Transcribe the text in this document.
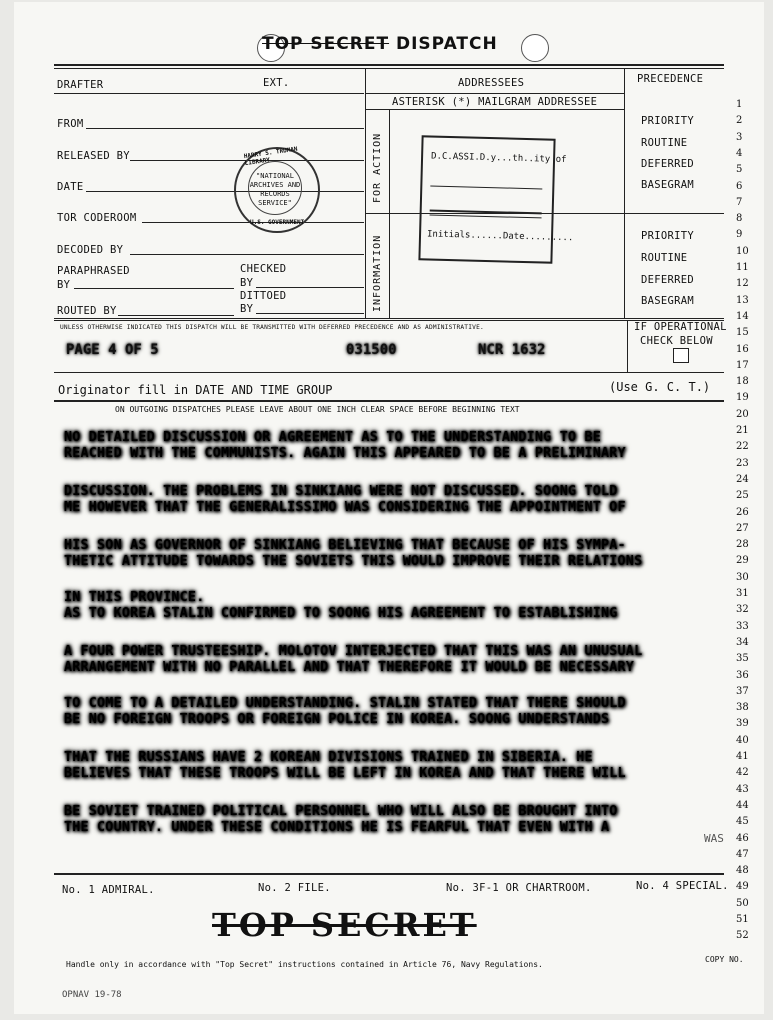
TOP SECRET DISPATCH
DRAFTER	EXT.	ADDRESSEES	PRECEDENCE
ASTERISK (*) MAILGRAM ADDRESSEE
FROM
RELEASED BY
DATE
TOR CODEROOM
DECODED BY
PARAPHRASED
BY
CHECKED
BY
DITTOED
BY
ROUTED BY
FOR ACTION
INFORMATION
HARRY S. TRUMAN LIBRARY
"NATIONAL
ARCHIVES AND
RECORDS
SERVICE"
U.S. GOVERNMENT
D.C.ASSI.D.y...th..ity of
Initials......Date.........
PRIORITY
ROUTINE
DEFERRED
BASEGRAM
PRIORITY
ROUTINE
DEFERRED
BASEGRAM
UNLESS OTHERWISE INDICATED THIS DISPATCH WILL BE TRANSMITTED WITH DEFERRED PRECEDENCE AND AS ADMINISTRATIVE.	IF OPERATIONAL
CHECK BELOW
PAGE 4 OF 5	031500	NCR 1632
Originator fill in DATE AND TIME GROUP	(Use G. C. T.)
ON OUTGOING DISPATCHES PLEASE LEAVE ABOUT ONE INCH CLEAR SPACE BEFORE BEGINNING TEXT
1
2
3
4
5
6
7
8
9
10
11
12
13
14
15
16
17
18
19
20
21
22
23
24
25
26
27
28
29
30
31
32
33
34
35
36
37
38
39
40
41
42
43
44
45
46
47
48
49
50
51
52
NO DETAILED DISCUSSION OR AGREEMENT AS TO THE UNDERSTANDING TO BE
REACHED WITH THE COMMUNISTS. AGAIN THIS APPEARED TO BE A PRELIMINARY
DISCUSSION. THE PROBLEMS IN SINKIANG WERE NOT DISCUSSED. SOONG TOLD
ME HOWEVER THAT THE GENERALISSIMO WAS CONSIDERING THE APPOINTMENT OF
HIS SON AS GOVERNOR OF SINKIANG BELIEVING THAT BECAUSE OF HIS SYMPA-
THETIC ATTITUDE TOWARDS THE SOVIETS THIS WOULD IMPROVE THEIR RELATIONS
IN THIS PROVINCE.
AS TO KOREA STALIN CONFIRMED TO SOONG HIS AGREEMENT TO ESTABLISHING
A FOUR POWER TRUSTEESHIP. MOLOTOV INTERJECTED THAT THIS WAS AN UNUSUAL
ARRANGEMENT WITH NO PARALLEL AND THAT THEREFORE IT WOULD BE NECESSARY
TO COME TO A DETAILED UNDERSTANDING. STALIN STATED THAT THERE SHOULD
BE NO FOREIGN TROOPS OR FOREIGN POLICE IN KOREA. SOONG UNDERSTANDS
THAT THE RUSSIANS HAVE 2 KOREAN DIVISIONS TRAINED IN SIBERIA. HE
BELIEVES THAT THESE TROOPS WILL BE LEFT IN KOREA AND THAT THERE WILL
BE SOVIET TRAINED POLITICAL PERSONNEL WHO WILL ALSO BE BROUGHT INTO
THE COUNTRY. UNDER THESE CONDITIONS HE IS FEARFUL THAT EVEN WITH A
WAS
No. 1 ADMIRAL.	No. 2 FILE.	No. 3F-1 OR CHARTROOM.	No. 4 SPECIAL.
TOP SECRET
Handle only in accordance with "Top Secret" instructions contained in Article 76, Navy Regulations.
COPY NO.
OPNAV 19-78
